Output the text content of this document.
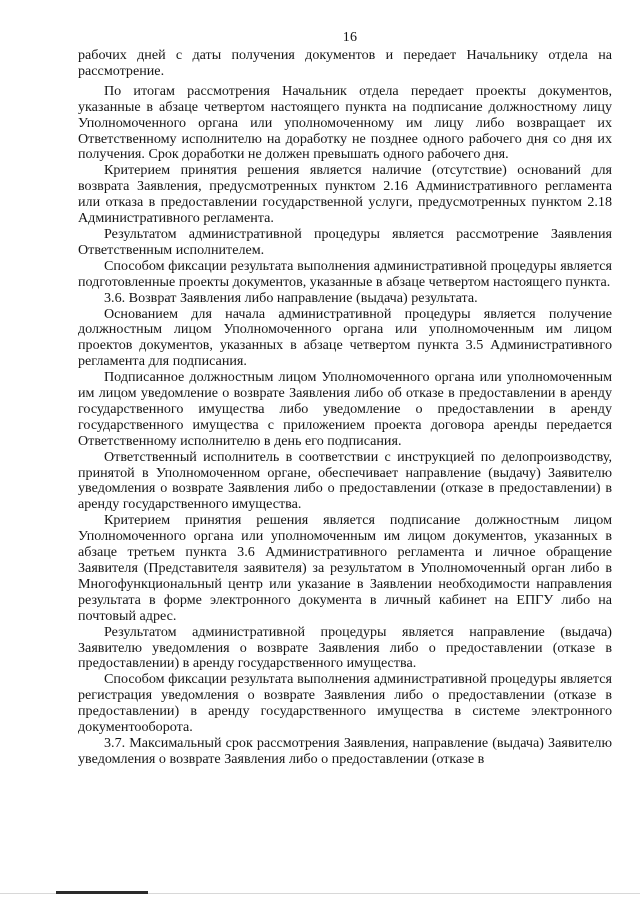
16

рабочих дней с даты получения документов и передает Начальнику отдела на рассмотрение.

По итогам рассмотрения Начальник отдела передает проекты документов, указанные в абзаце четвертом настоящего пункта на подписание должностному лицу Уполномоченного органа или уполномоченному им лицу либо возвращает их Ответственному исполнителю на доработку не позднее одного рабочего дня со дня их получения. Срок доработки не должен превышать одного рабочего дня.

Критерием принятия решения является наличие (отсутствие) оснований для возврата Заявления, предусмотренных пунктом 2.16 Административного регламента или отказа в предоставлении государственной услуги, предусмотренных пунктом 2.18 Административного регламента.

Результатом административной процедуры является рассмотрение Заявления Ответственным исполнителем.

Способом фиксации результата выполнения административной процедуры является подготовленные проекты документов, указанные в абзаце четвертом настоящего пункта.

3.6. Возврат Заявления либо направление (выдача) результата.

Основанием для начала административной процедуры является получение должностным лицом Уполномоченного органа или уполномоченным им лицом проектов документов, указанных в абзаце четвертом пункта 3.5 Административного регламента для подписания.

Подписанное должностным лицом Уполномоченного органа или уполномоченным им лицом уведомление о возврате Заявления либо об отказе в предоставлении в аренду государственного имущества либо уведомление о предоставлении в аренду государственного имущества с приложением проекта договора аренды передается Ответственному исполнителю в день его подписания.

Ответственный исполнитель в соответствии с инструкцией по делопроизводству, принятой в Уполномоченном органе, обеспечивает направление (выдачу) Заявителю уведомления о возврате Заявления либо о предоставлении (отказе в предоставлении) в аренду государственного имущества.

Критерием принятия решения является подписание должностным лицом Уполномоченного органа или уполномоченным им лицом документов, указанных в абзаце третьем пункта 3.6 Административного регламента и личное обращение Заявителя (Представителя заявителя) за результатом в Уполномоченный орган либо в Многофункциональный центр или указание в Заявлении необходимости направления результата в форме электронного документа в личный кабинет на ЕПГУ либо на почтовый адрес.

Результатом административной процедуры является направление (выдача) Заявителю уведомления о возврате Заявления либо о предоставлении (отказе в предоставлении) в аренду государственного имущества.

Способом фиксации результата выполнения административной процедуры является регистрация уведомления о возврате Заявления либо о предоставлении (отказе в предоставлении) в аренду государственного имущества в системе электронного документооборота.

3.7. Максимальный срок рассмотрения Заявления, направление (выдача) Заявителю уведомления о возврате Заявления либо о предоставлении (отказе в
